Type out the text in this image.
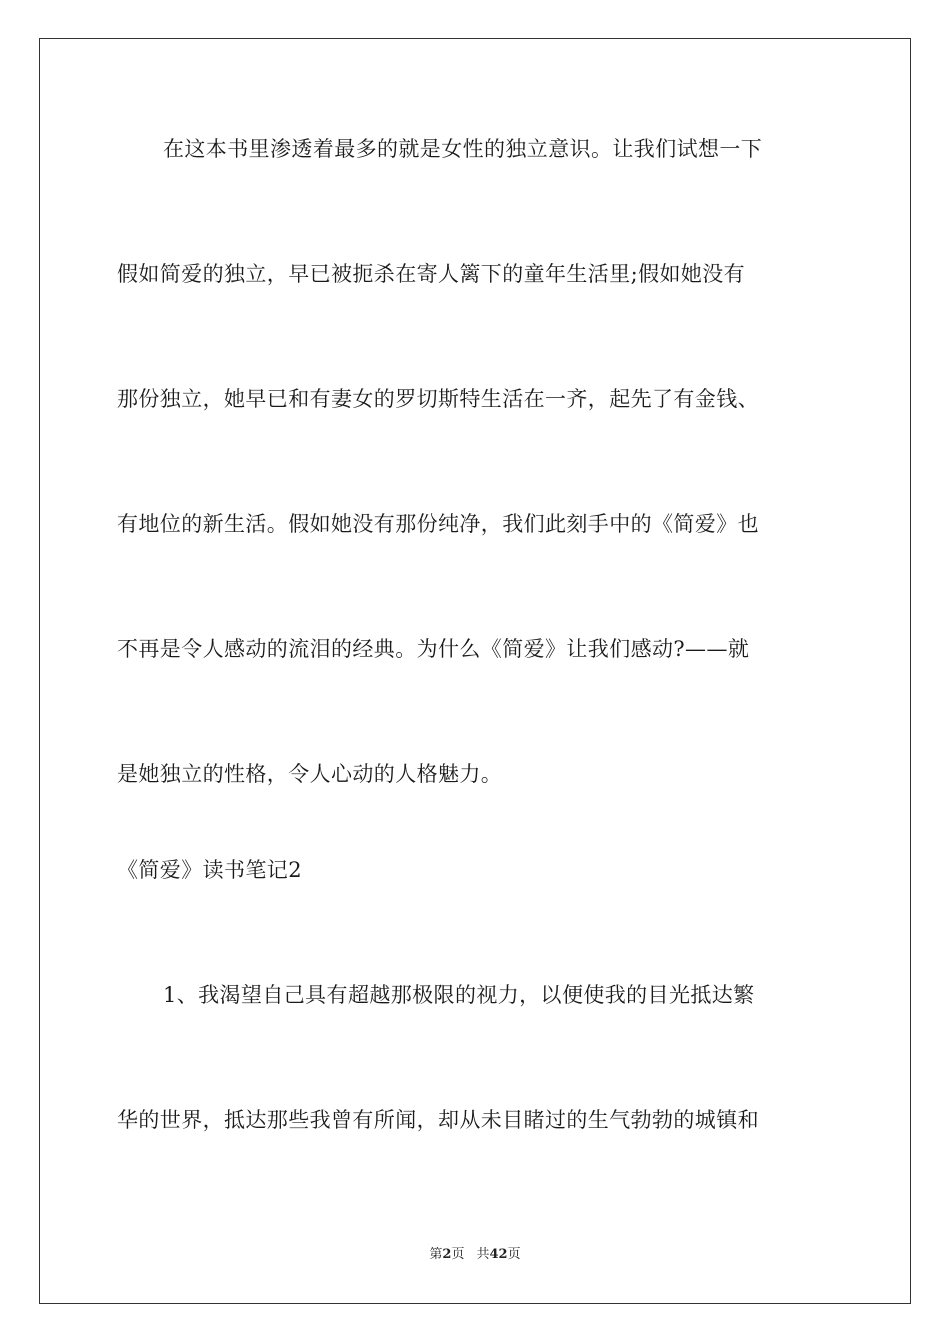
在这本书里渗透着最多的就是女性的独立意识。让我们试想一下
假如简爱的独立，早已被扼杀在寄人篱下的童年生活里;假如她没有
那份独立，她早已和有妻女的罗切斯特生活在一齐，起先了有金钱、
有地位的新生活。假如她没有那份纯净，我们此刻手中的《简爱》也
不再是令人感动的流泪的经典。为什么《简爱》让我们感动?——就
是她独立的性格，令人心动的人格魅力。
《简爱》读书笔记2
1、我渴望自己具有超越那极限的视力，以便使我的目光抵达繁
华的世界，抵达那些我曾有所闻，却从未目睹过的生气勃勃的城镇和
第2页 共42页
